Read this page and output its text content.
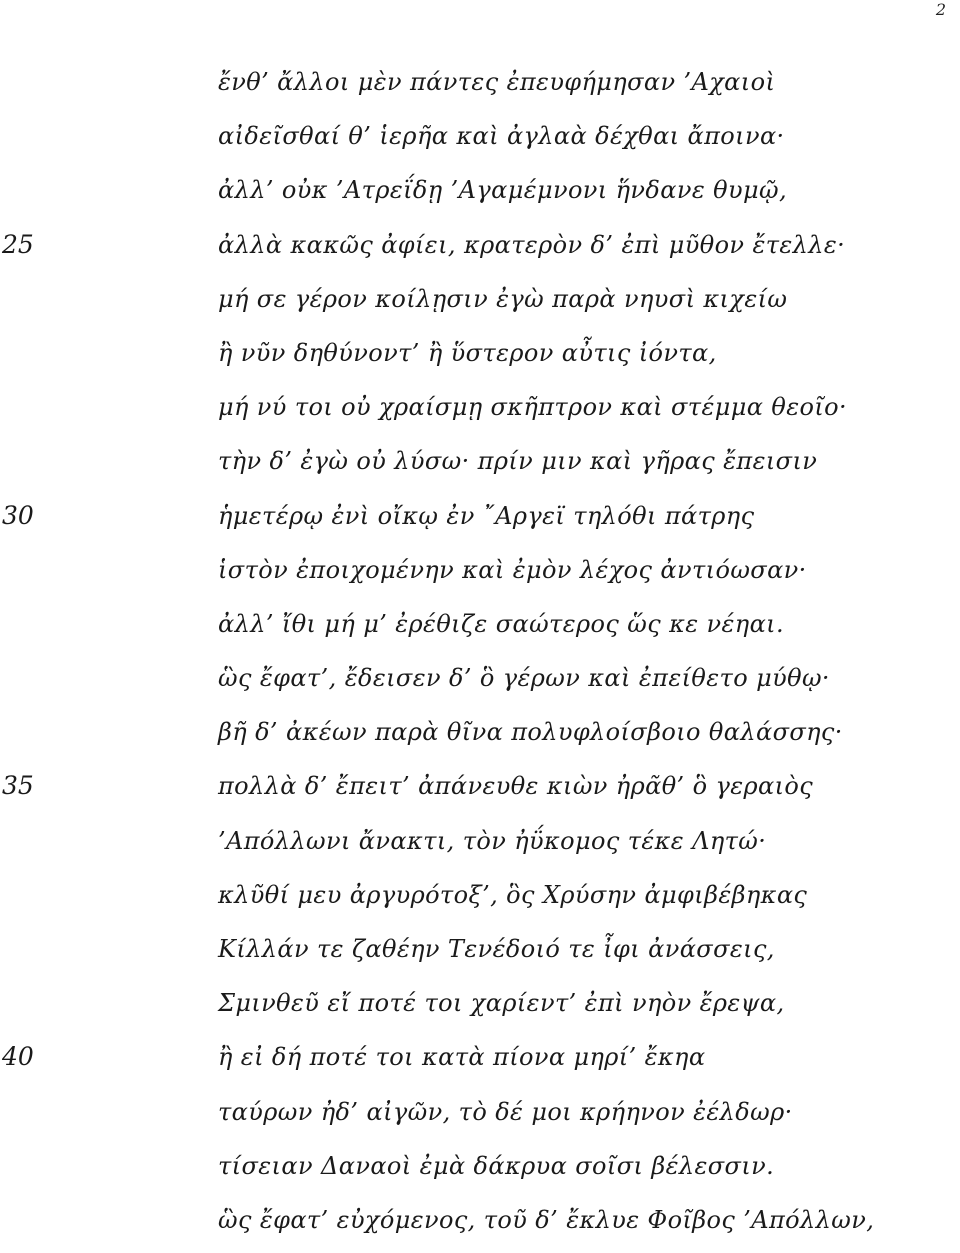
2
ἔνθ’ ἄλλοι μὲν πάντες ἐπευφήμησαν ’Αχαιοὶ
αἰδεῖσθαί θ’ ἱερῆα καὶ ἀγλαὰ δέχθαι ἄποινα·
ἀλλ’ οὐκ ’Ατρεΐδῃ ’Αγαμέμνονι ἥνδανε θυμῷ,
25	ἀλλὰ κακῶς ἀφίει, κρατερὸν δ’ ἐπὶ μῦθον ἔτελλε·
μή σε γέρον κοίλῃσιν ἐγὼ παρὰ νηυσὶ κιχείω
ἢ νῦν δηθύνοντ’ ἢ ὕστερον αὖτις ἰόντα,
μή νύ τοι οὐ χραίσμῃ σκῆπτρον καὶ στέμμα θεοῖο·
τὴν δ’ ἐγὼ οὐ λύσω· πρίν μιν καὶ γῆρας ἔπεισιν
30	ἡμετέρῳ ἐνὶ οἴκῳ ἐν ῎Αργεϊ τηλόθι πάτρης
ἱστὸν ἐποιχομένην καὶ ἐμὸν λέχος ἀντιόωσαν·
ἀλλ’ ἴθι μή μ’ ἐρέθιζε σαώτερος ὥς κε νέηαι.
ὣς ἔφατ’, ἔδεισεν δ’ ὃ γέρων καὶ ἐπείθετο μύθῳ·
βῆ δ’ ἀκέων παρὰ θῖνα πολυφλοίσβοιο θαλάσσης·
35	πολλὰ δ’ ἔπειτ’ ἀπάνευθε κιὼν ἠρᾶθ’ ὃ γεραιὸς
’Απόλλωνι ἄνακτι, τὸν ἠΰκομος τέκε Λητώ·
κλῦθί μευ ἀργυρότοξ’, ὃς Χρύσην ἀμφιβέβηκας
Κίλλάν τε ζαθέην Τενέδοιό τε ἶφι ἀνάσσεις,
Σμινθεῦ εἴ ποτέ τοι χαρίεντ’ ἐπὶ νηὸν ἔρεψα,
40	ἢ εἰ δή ποτέ τοι κατὰ πίονα μηρί’ ἔκηα
ταύρων ἠδ’ αἰγῶν, τὸ δέ μοι κρήηνον ἐέλδωρ·
τίσειαν Δαναοὶ ἐμὰ δάκρυα σοῖσι βέλεσσιν.
ὣς ἔφατ’ εὐχόμενος, τοῦ δ’ ἔκλυε Φοῖβος ’Απόλλων,
